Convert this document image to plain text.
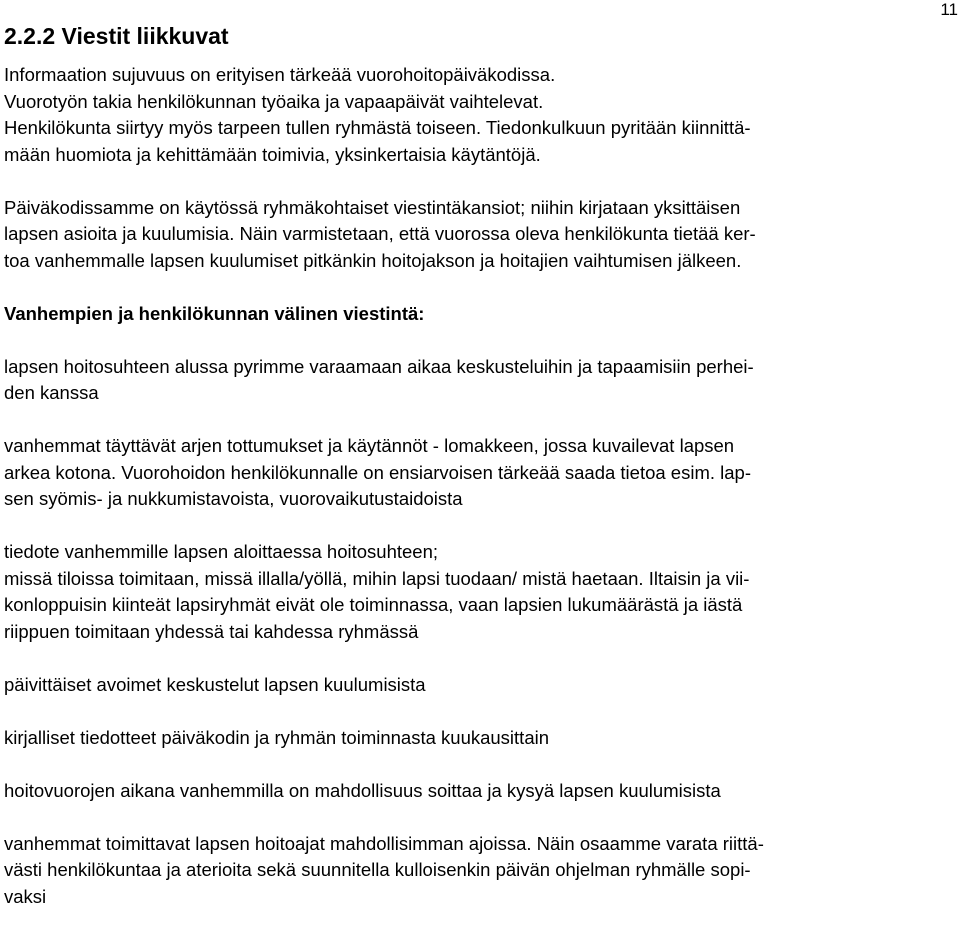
11
2.2.2 Viestit liikkuvat
Informaation sujuvuus on erityisen tärkeää vuorohoitopäiväkodissa.
Vuorotyön takia henkilökunnan työaika ja vapaapäivät vaihtelevat.
Henkilökunta siirtyy myös tarpeen tullen ryhmästä toiseen. Tiedonkulkuun pyritään kiinnittä-
mään huomiota ja kehittämään toimivia, yksinkertaisia käytäntöjä.
Päiväkodissamme on käytössä ryhmäkohtaiset viestintäkansiot; niihin kirjataan yksittäisen
lapsen asioita ja kuulumisia. Näin varmistetaan, että vuorossa oleva henkilökunta tietää ker-
toa vanhemmalle lapsen kuulumiset pitkänkin hoitojakson ja hoitajien vaihtumisen jälkeen.
Vanhempien ja henkilökunnan välinen viestintä:
lapsen hoitosuhteen alussa pyrimme varaamaan aikaa keskusteluihin ja tapaamisiin perhei-
den kanssa
vanhemmat täyttävät arjen tottumukset ja käytännöt - lomakkeen, jossa kuvailevat lapsen
arkea kotona. Vuorohoidon henkilökunnalle on ensiarvoisen tärkeää saada tietoa esim. lap-
sen syömis- ja nukkumistavoista, vuorovaikutustaidoista
tiedote vanhemmille lapsen aloittaessa hoitosuhteen;
missä tiloissa toimitaan, missä illalla/yöllä, mihin lapsi tuodaan/ mistä haetaan. Iltaisin ja vii-
konloppuisin kiinteät lapsiryhmät eivät ole toiminnassa, vaan lapsien lukumäärästä ja iästä
riippuen toimitaan yhdessä tai kahdessa ryhmässä
päivittäiset avoimet keskustelut lapsen kuulumisista
kirjalliset tiedotteet päiväkodin ja ryhmän toiminnasta kuukausittain
hoitovuorojen aikana vanhemmilla on mahdollisuus soittaa ja kysyä lapsen kuulumisista
vanhemmat toimittavat lapsen hoitoajat mahdollisimman ajoissa. Näin osaamme varata riittä-
västi henkilökuntaa ja aterioita sekä suunnitella kulloisenkin päivän ohjelman ryhmälle sopi-
vaksi
